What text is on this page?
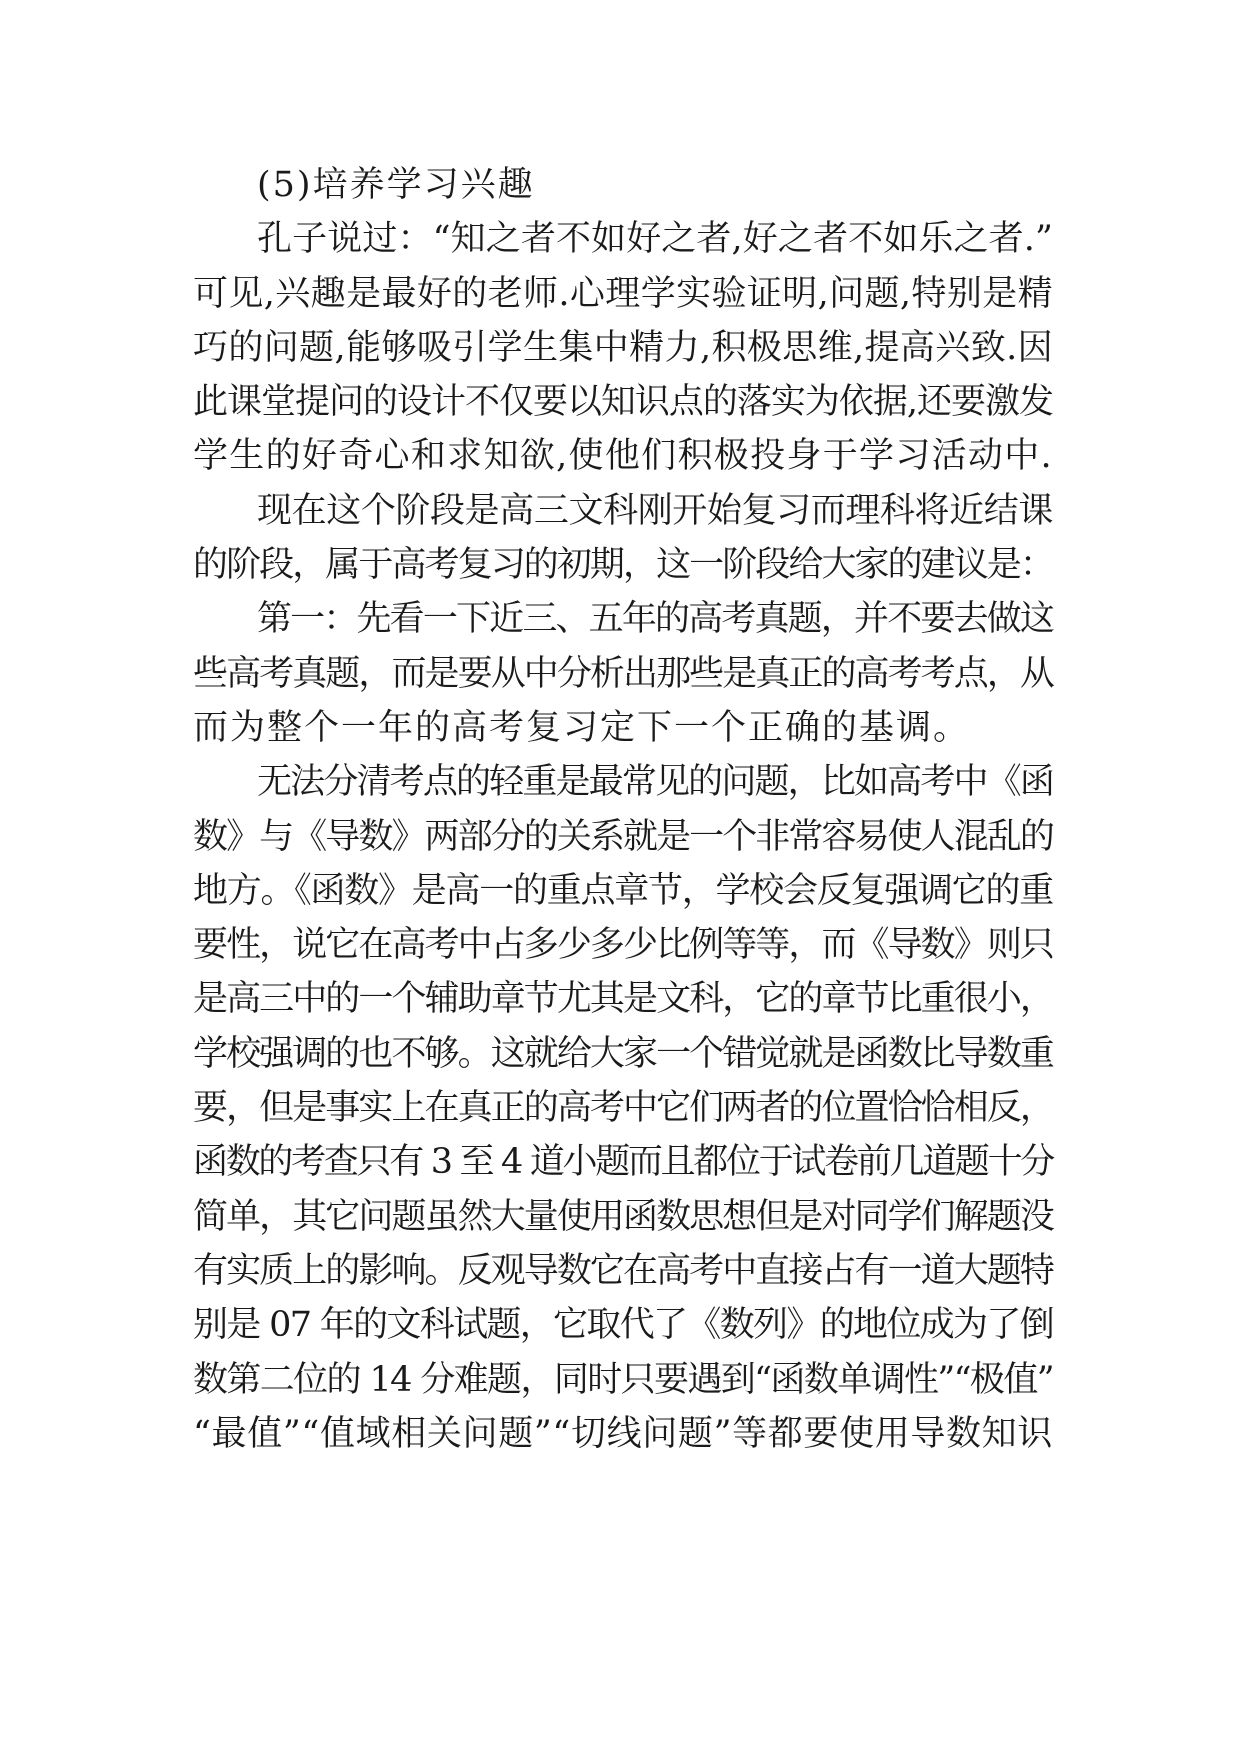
(5)培养学习兴趣
孔子说过：“知之者不如好之者,好之者不如乐之者.”
可见,兴趣是最好的老师.心理学实验证明,问题,特别是精
巧的问题,能够吸引学生集中精力,积极思维,提高兴致.因
此课堂提问的设计不仅要以知识点的落实为依据,还要激发
学生的好奇心和求知欲,使他们积极投身于学习活动中.
现在这个阶段是高三文科刚开始复习而理科将近结课
的阶段，属于高考复习的初期，这一阶段给大家的建议是：
第一：先看一下近三、五年的高考真题，并不要去做这
些高考真题，而是要从中分析出那些是真正的高考考点，从
而为整个一年的高考复习定下一个正确的基调。
无法分清考点的轻重是最常见的问题，比如高考中《函
数》与《导数》两部分的关系就是一个非常容易使人混乱的
地方。《函数》是高一的重点章节，学校会反复强调它的重
要性，说它在高考中占多少多少比例等等，而《导数》则只
是高三中的一个辅助章节尤其是文科，它的章节比重很小，
学校强调的也不够。这就给大家一个错觉就是函数比导数重
要，但是事实上在真正的高考中它们两者的位置恰恰相反，
函数的考查只有 3 至 4 道小题而且都位于试卷前几道题十分
简单，其它问题虽然大量使用函数思想但是对同学们解题没
有实质上的影响。反观导数它在高考中直接占有一道大题特
别是 07 年的文科试题，它取代了《数列》的地位成为了倒
数第二位的 14 分难题，同时只要遇到“函数单调性”“极值”
“最值”“值域相关问题”“切线问题”等都要使用导数知识
